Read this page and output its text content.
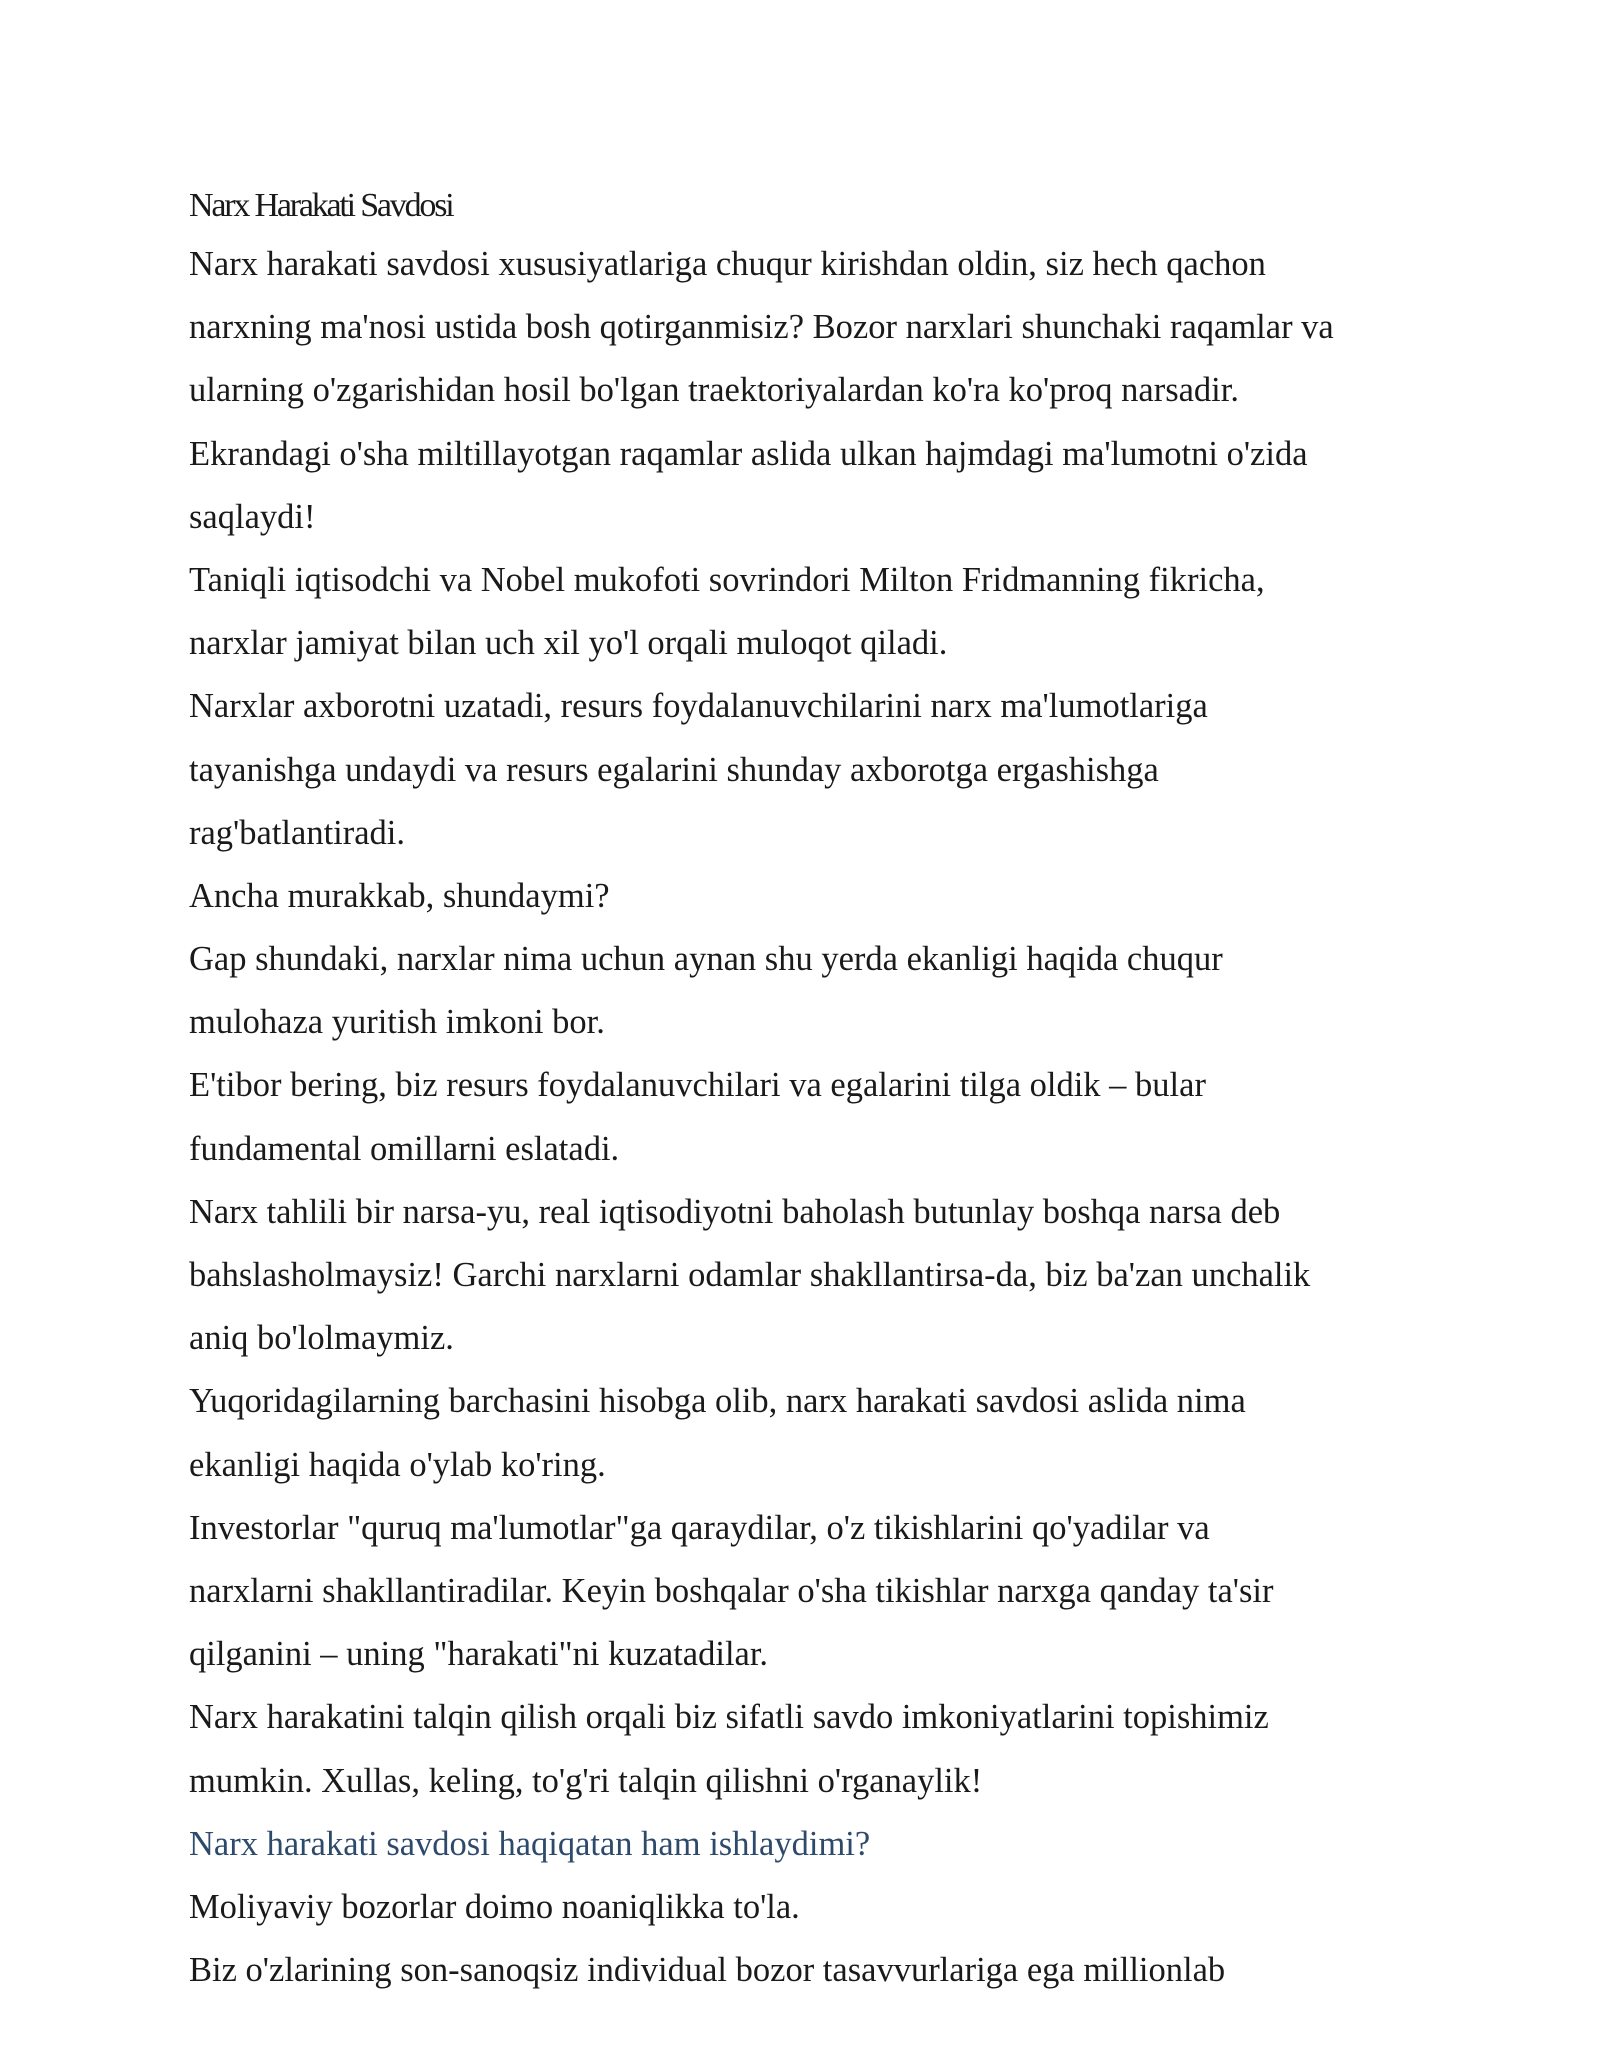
Narx Harakati Savdosi

Narx harakati savdosi xususiyatlariga chuqur kirishdan oldin, siz hech qachon
narxning ma'nosi ustida bosh qotirganmisiz? Bozor narxlari shunchaki raqamlar va
ularning o'zgarishidan hosil bo'lgan traektoriyalardan ko'ra ko'proq narsadir.
Ekrandagi o'sha miltillayotgan raqamlar aslida ulkan hajmdagi ma'lumotni o'zida
saqlaydi!

Taniqli iqtisodchi va Nobel mukofoti sovrindori Milton Fridmanning fikricha,
narxlar jamiyat bilan uch xil yo'l orqali muloqot qiladi.

Narxlar axborotni uzatadi, resurs foydalanuvchilarini narx ma'lumotlariga
tayanishga undaydi va resurs egalarini shunday axborotga ergashishga
rag'batlantiradi.

Ancha murakkab, shundaymi?

Gap shundaki, narxlar nima uchun aynan shu yerda ekanligi haqida chuqur
mulohaza yuritish imkoni bor.

E'tibor bering, biz resurs foydalanuvchilari va egalarini tilga oldik – bular
fundamental omillarni eslatadi.

Narx tahlili bir narsa-yu, real iqtisodiyotni baholash butunlay boshqa narsa deb
bahslasholmaysiz! Garchi narxlarni odamlar shakllantirsa-da, biz ba'zan unchalik
aniq bo'lolmaymiz.

Yuqoridagilarning barchasini hisobga olib, narx harakati savdosi aslida nima
ekanligi haqida o'ylab ko'ring.

Investorlar "quruq ma'lumotlar"ga qaraydilar, o'z tikishlarini qo'yadilar va
narxlarni shakllantiradilar. Keyin boshqalar o'sha tikishlar narxga qanday ta'sir
qilganini – uning "harakati"ni kuzatadilar.

Narx harakatini talqin qilish orqali biz sifatli savdo imkoniyatlarini topishimiz
mumkin. Xullas, keling, to'g'ri talqin qilishni o'rganaylik!

Narx harakati savdosi haqiqatan ham ishlaydimi?

Moliyaviy bozorlar doimo noaniqlikka to'la.

Biz o'zlarining son-sanoqsiz individual bozor tasavvurlariga ega millionlab
